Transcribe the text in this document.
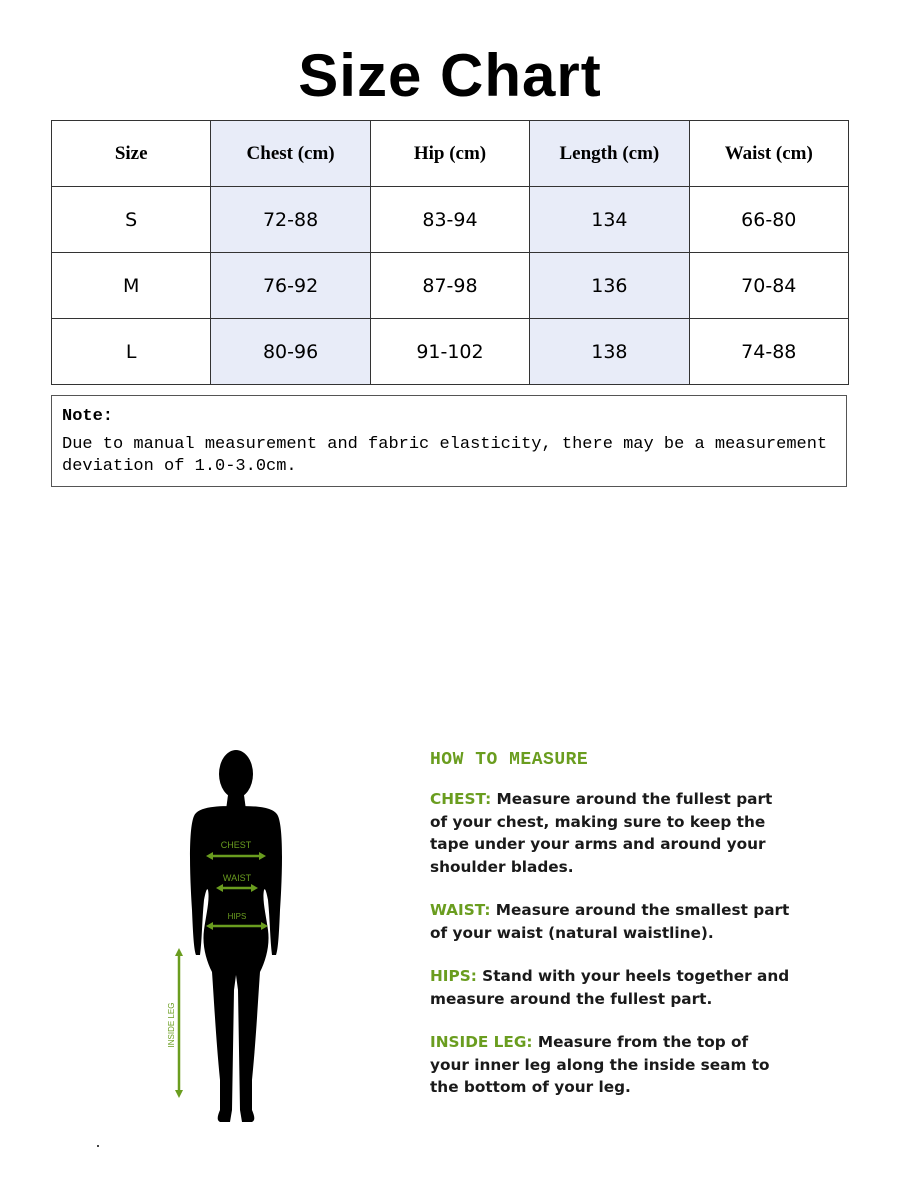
Size Chart
Size	Chest (cm)	Hip (cm)	Length (cm)	Waist (cm)
S	72-88	83-94	134	66-80
M	76-92	87-98	136	70-84
L	80-96	91-102	138	74-88
Note:
Due to manual measurement and fabric elasticity, there may be a measurement deviation of 1.0-3.0cm.
CHEST
WAIST
HIPS
INSIDE LEG
HOW TO MEASURE
CHEST: Measure around the fullest part of your chest, making sure to keep the tape under your arms and around your shoulder blades.
WAIST: Measure around the smallest part of your waist (natural waistline).
HIPS: Stand with your heels together and measure around the fullest part.
INSIDE LEG: Measure from the top of your inner leg along the inside seam to the bottom of your leg.
